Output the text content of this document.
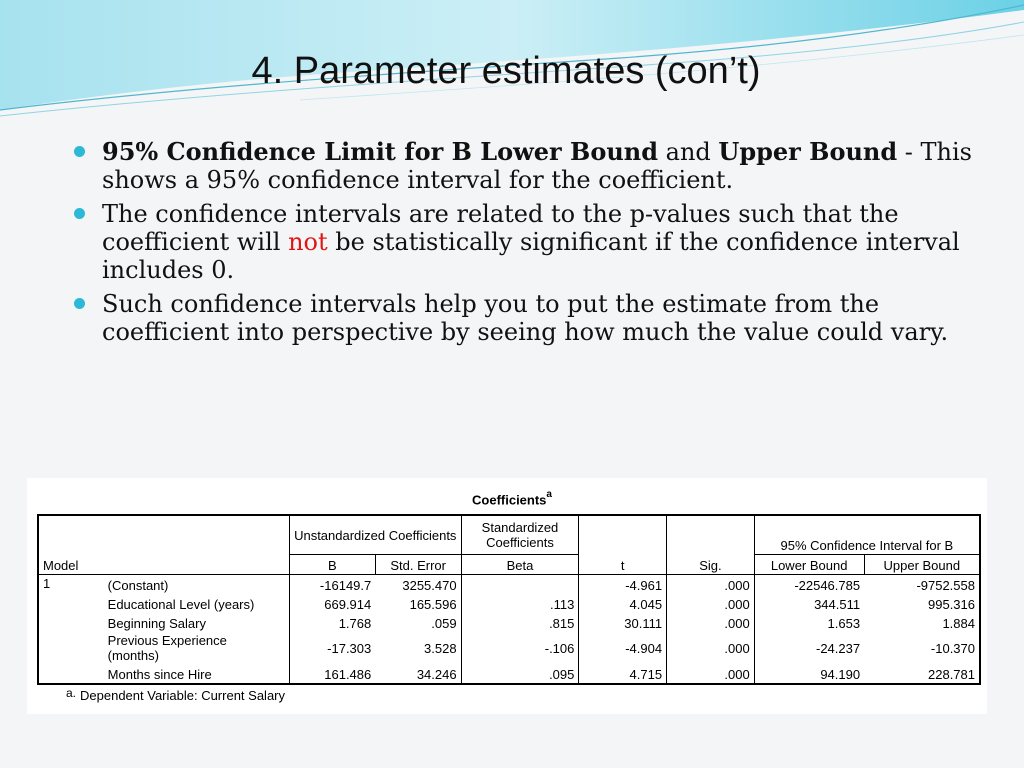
4. Parameter estimates (con’t)
95% Confidence Limit for B Lower Bound and Upper Bound - This shows a 95% confidence interval for the coefficient.
The confidence intervals are related to the p-values such that the coefficient will not be statistically significant if the confidence interval includes 0.
Such confidence intervals help you to put the estimate from the coefficient into perspective by seeing how much the value could vary.
Coefficients$^a$
		Unstandardized Coefficients		Standardized Coefficients				
							95% Confidence Interval for B	
Model		B	Std. Error	Beta	t	Sig.	Lower Bound	Upper Bound
1	(Constant)	-16149.7	3255.470		-4.961	.000	-22546.785	-9752.558
	Educational Level (years)	669.914	165.596	.113	4.045	.000	344.511	995.316
	Beginning Salary	1.768	.059	.815	30.111	.000	1.653	1.884
	Previous Experience
(months)	-17.303	3.528	-.106	-4.904	.000	-24.237	-10.370
	Months since Hire	161.486	34.246	.095	4.715	.000	94.190	228.781
a. Dependent Variable: Current Salary
